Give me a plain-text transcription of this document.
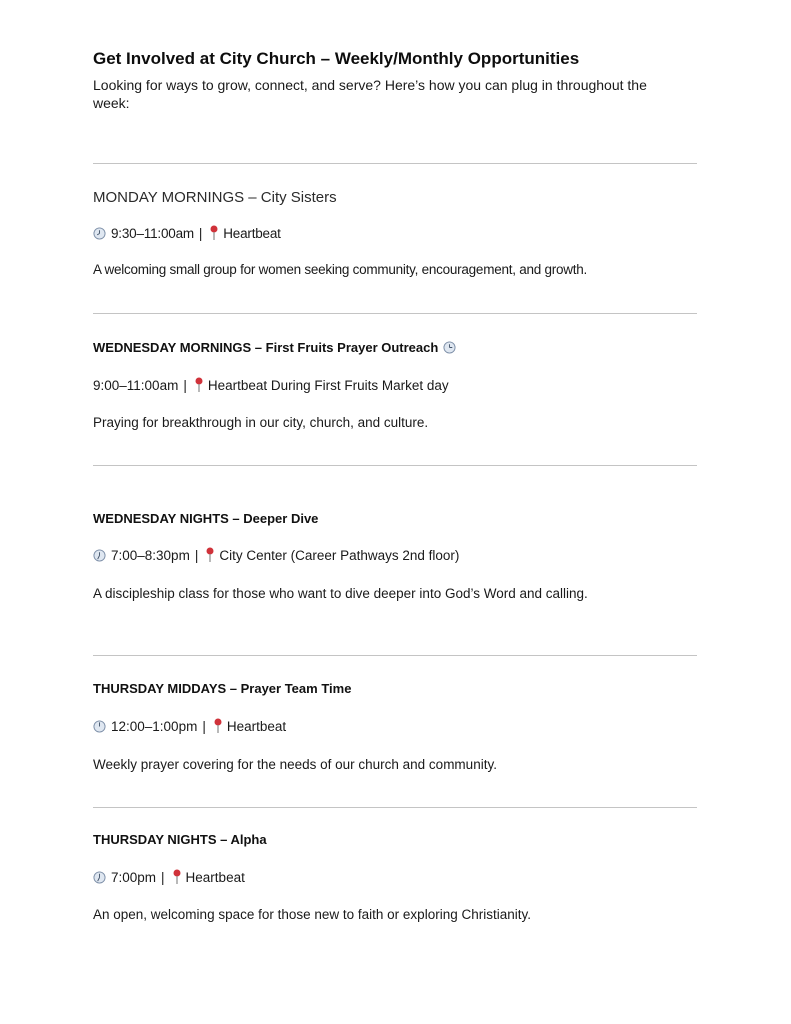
Get Involved at City Church – Weekly/Monthly Opportunities
Looking for ways to grow, connect, and serve? Here’s how you can plug in throughout the week:
MONDAY MORNINGS – City Sisters
9:30–11:00am | Heartbeat
A welcoming small group for women seeking community, encouragement, and growth.
WEDNESDAY MORNINGS – First Fruits Prayer Outreach
9:00–11:00am | Heartbeat During First Fruits Market day
Praying for breakthrough in our city, church, and culture.
WEDNESDAY NIGHTS – Deeper Dive
7:00–8:30pm | City Center (Career Pathways 2nd floor)
A discipleship class for those who want to dive deeper into God’s Word and calling.
THURSDAY MIDDAYS – Prayer Team Time
12:00–1:00pm | Heartbeat
Weekly prayer covering for the needs of our church and community.
THURSDAY NIGHTS – Alpha
7:00pm | Heartbeat
An open, welcoming space for those new to faith or exploring Christianity.
